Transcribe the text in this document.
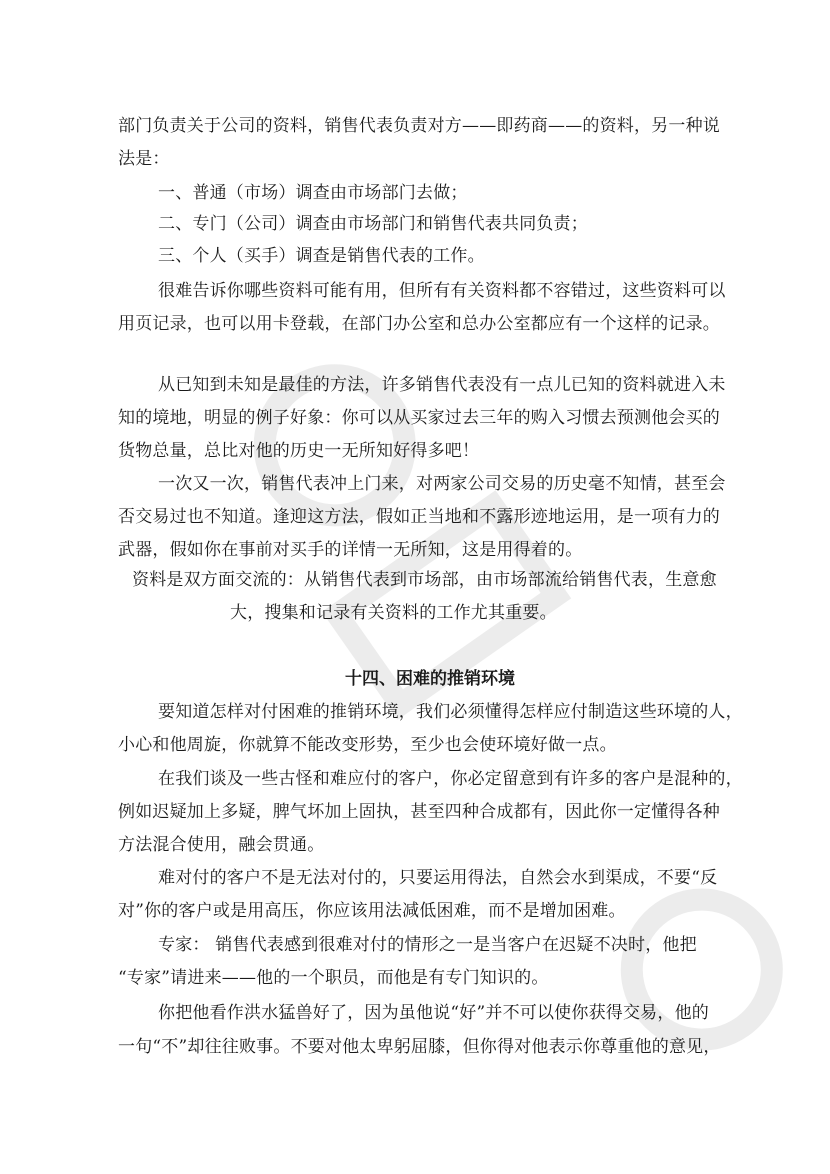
部门负责关于公司的资料，销售代表负责对方——即药商——的资料，另一种说
法是：
一、普通（市场）调查由市场部门去做；
二、专门（公司）调查由市场部门和销售代表共同负责；
三、个人（买手）调查是销售代表的工作。
很难告诉你哪些资料可能有用，但所有有关资料都不容错过，这些资料可以
用页记录，也可以用卡登载，在部门办公室和总办公室都应有一个这样的记录。
从已知到未知是最佳的方法，许多销售代表没有一点儿已知的资料就进入未
知的境地，明显的例子好象：你可以从买家过去三年的购入习惯去预测他会买的
货物总量，总比对他的历史一无所知好得多吧！
一次又一次，销售代表冲上门来，对两家公司交易的历史毫不知情，甚至会
否交易过也不知道。逢迎这方法，假如正当地和不露形迹地运用，是一项有力的
武器，假如你在事前对买手的详情一无所知，这是用得着的。
资料是双方面交流的：从销售代表到市场部，由市场部流给销售代表，生意愈
大，搜集和记录有关资料的工作尤其重要。
十四、困难的推销环境
要知道怎样对付困难的推销环境，我们必须懂得怎样应付制造这些环境的人，
小心和他周旋，你就算不能改变形势，至少也会使环境好做一点。
在我们谈及一些古怪和难应付的客户，你必定留意到有许多的客户是混种的，
例如迟疑加上多疑，脾气坏加上固执，甚至四种合成都有，因此你一定懂得各种
方法混合使用，融会贯通。
难对付的客户不是无法对付的，只要运用得法，自然会水到渠成，不要“反
对”你的客户或是用高压，你应该用法减低困难，而不是增加困难。
专家： 销售代表感到很难对付的情形之一是当客户在迟疑不决时，他把
“专家”请进来——他的一个职员，而他是有专门知识的。
你把他看作洪水猛兽好了，因为虽他说“好”并不可以使你获得交易，他的
一句“不”却往往败事。不要对他太卑躬屈膝，但你得对他表示你尊重他的意见，
